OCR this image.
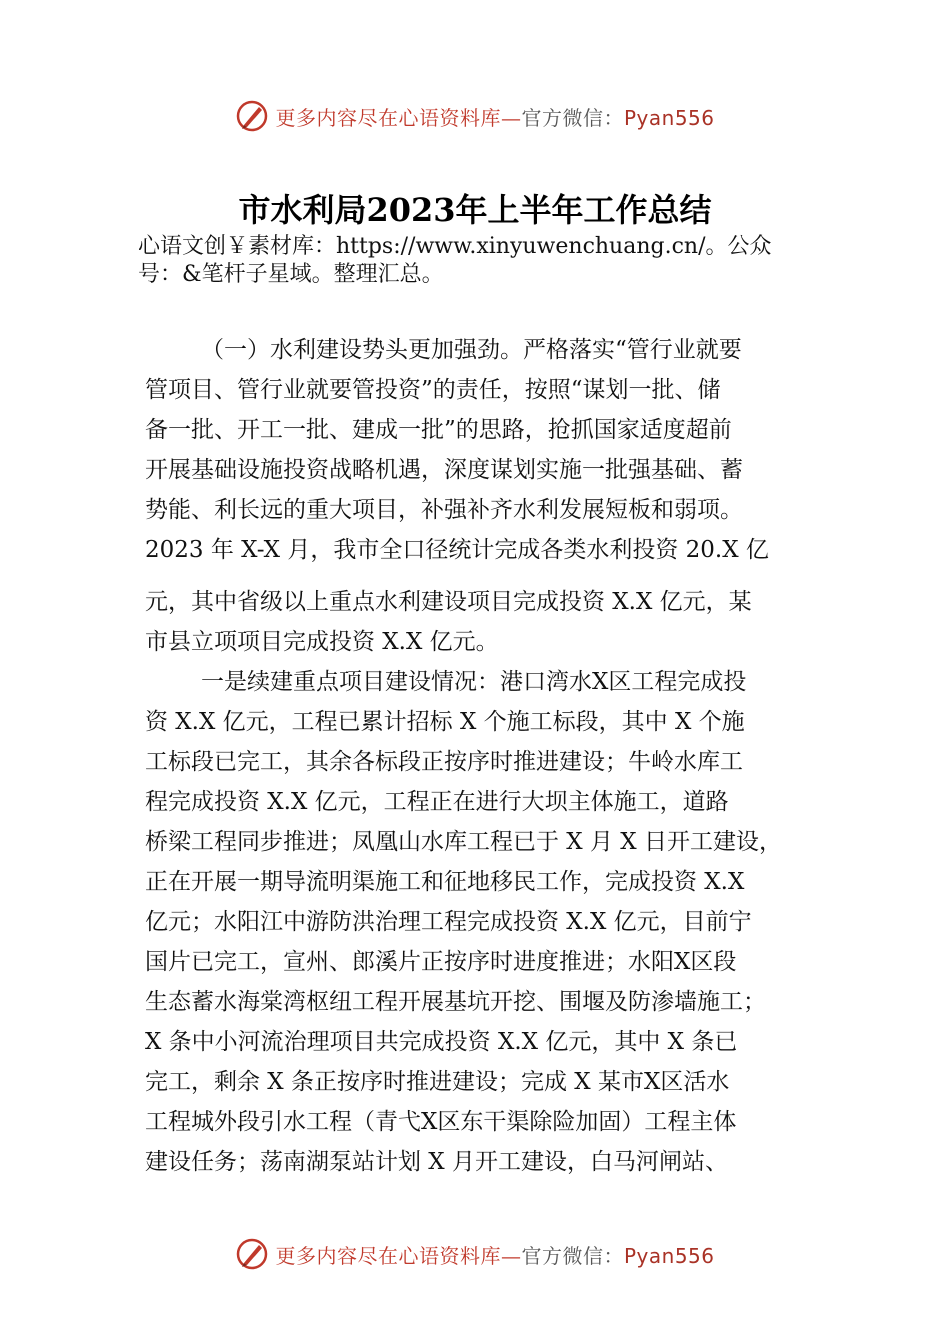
更多内容尽在心语资料库—官方微信：Pyan556
市水利局2023年上半年工作总结
心语文创￥素材库：https://www.xinyuwenchuang.cn/。公众
号：&笔杆子星域。整理汇总。
（一）水利建设势头更加强劲。严格落实“管行业就要
管项目、管行业就要管投资”的责任，按照“谋划一批、储
备一批、开工一批、建成一批”的思路，抢抓国家适度超前
开展基础设施投资战略机遇，深度谋划实施一批强基础、蓄
势能、利长远的重大项目，补强补齐水利发展短板和弱项。
2023 年 X-X 月，我市全口径统计完成各类水利投资 20.X 亿
元，其中省级以上重点水利建设项目完成投资 X.X 亿元，某
市县立项项目完成投资 X.X 亿元。
一是续建重点项目建设情况：港口湾水Ⅹ区工程完成投
资 X.X 亿元，工程已累计招标 X 个施工标段，其中 X 个施
工标段已完工，其余各标段正按序时推进建设；牛岭水库工
程完成投资 X.X 亿元，工程正在进行大坝主体施工，道路
桥梁工程同步推进；凤凰山水库工程已于 X 月 X 日开工建设，
正在开展一期导流明渠施工和征地移民工作，完成投资 X.X
亿元；水阳江中游防洪治理工程完成投资 X.X 亿元，目前宁
国片已完工，宣州、郎溪片正按序时进度推进；水阳Ⅹ区段
生态蓄水海棠湾枢纽工程开展基坑开挖、围堰及防渗墙施工；
X 条中小河流治理项目共完成投资 X.X 亿元，其中 X 条已
完工，剩余 X 条正按序时推进建设；完成 X 某市Ⅹ区活水
工程城外段引水工程（青弋Ⅹ区东干渠除险加固）工程主体
建设任务；荡南湖泵站计划 X 月开工建设，白马河闸站、
更多内容尽在心语资料库—官方微信：Pyan556
